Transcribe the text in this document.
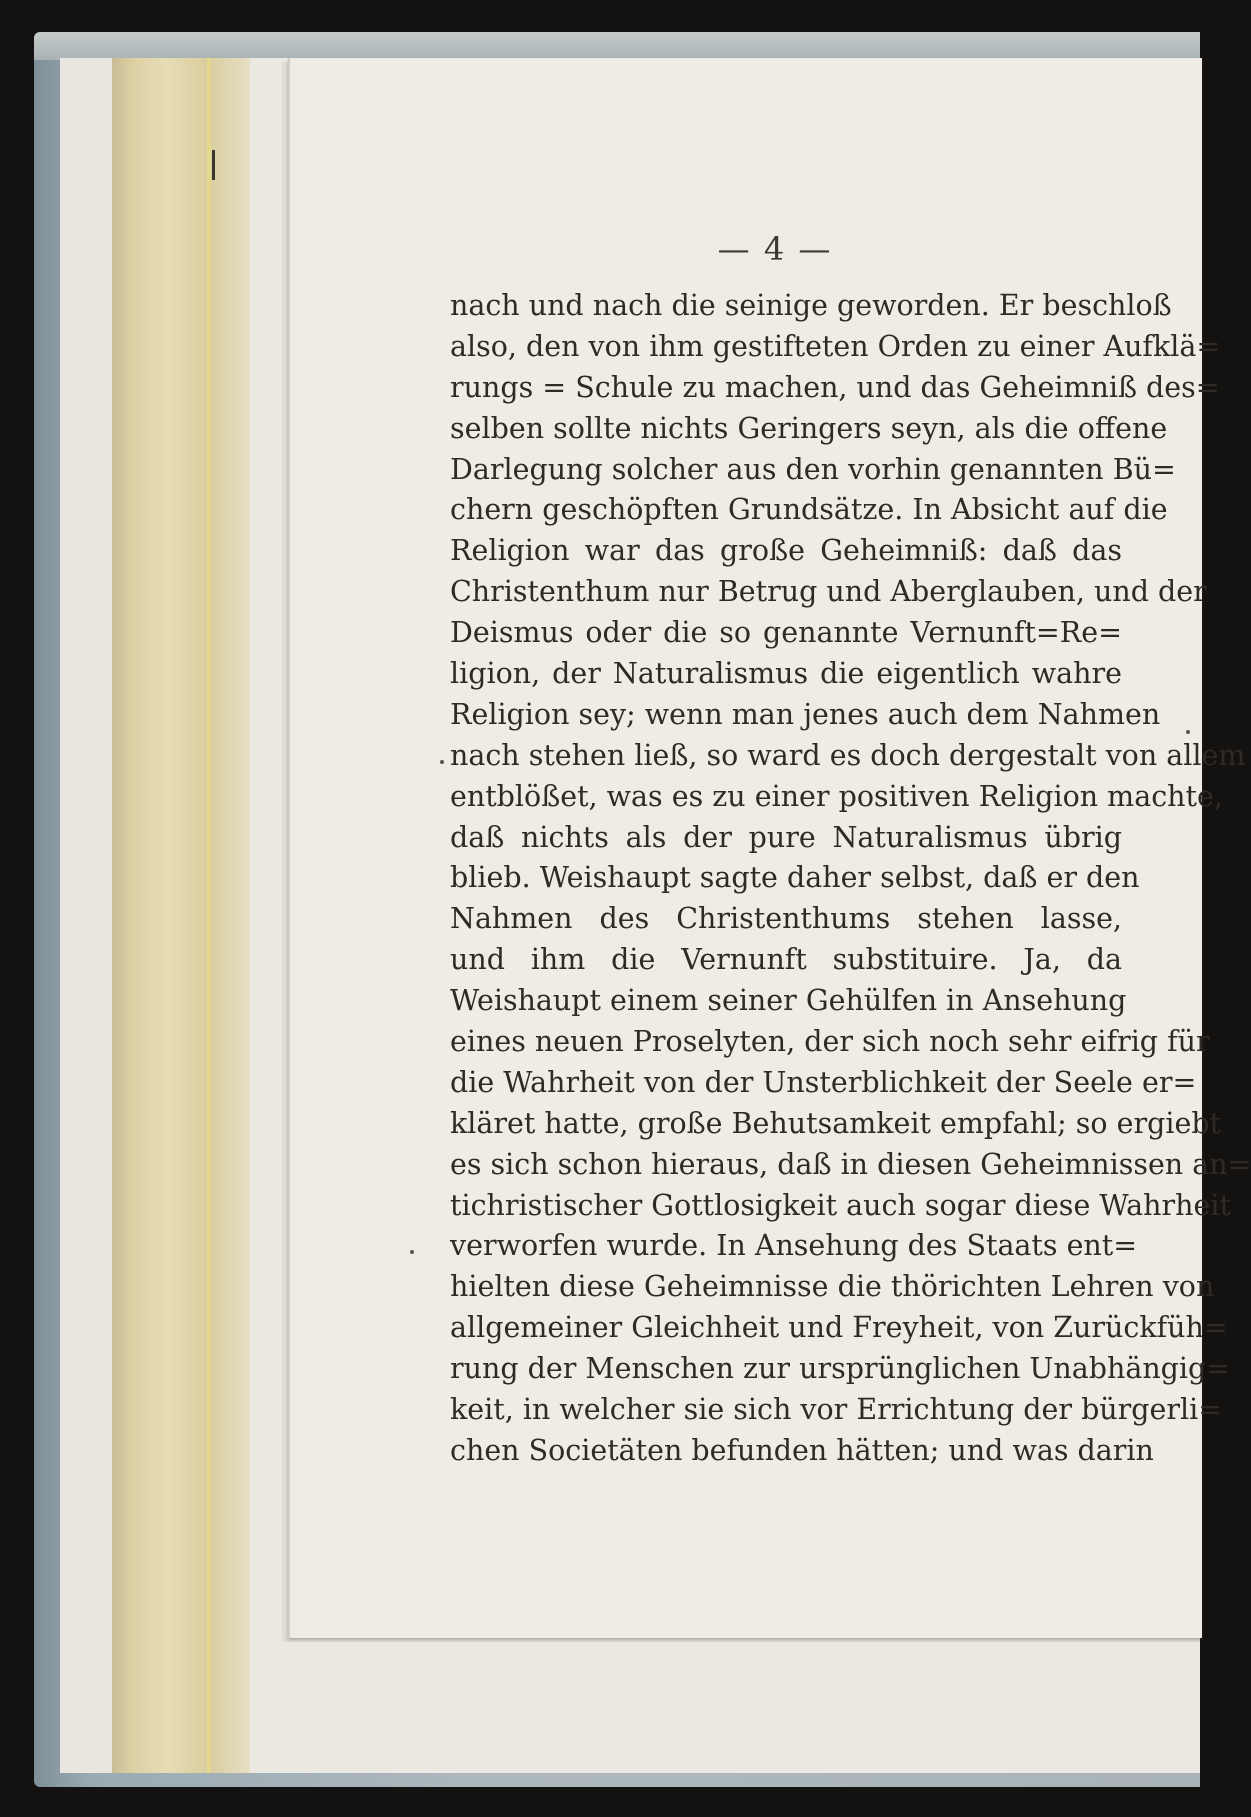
— 4 —
nach und nach die seinige geworden. Er beschloß
also, den von ihm gestifteten Orden zu einer Aufklä=
rungs = Schule zu machen, und das Geheimniß des=
selben sollte nichts Geringers seyn, als die offene
Darlegung solcher aus den vorhin genannten Bü=
chern geschöpften Grundsätze. In Absicht auf die
Religion war das große Geheimniß: daß das
Christenthum nur Betrug und Aberglauben, und der
Deismus oder die so genannte Vernunft=Re=
ligion, der Naturalismus die eigentlich wahre
Religion sey; wenn man jenes auch dem Nahmen
nach stehen ließ, so ward es doch dergestalt von allem
entblößet, was es zu einer positiven Religion machte,
daß nichts als der pure Naturalismus übrig
blieb. Weishaupt sagte daher selbst, daß er den
Nahmen des Christenthums stehen lasse,
und ihm die Vernunft substituire. Ja, da
Weishaupt einem seiner Gehülfen in Ansehung
eines neuen Proselyten, der sich noch sehr eifrig für
die Wahrheit von der Unsterblichkeit der Seele er=
kläret hatte, große Behutsamkeit empfahl; so ergiebt
es sich schon hieraus, daß in diesen Geheimnissen an=
tichristischer Gottlosigkeit auch sogar diese Wahrheit
verworfen wurde. In Ansehung des Staats ent=
hielten diese Geheimnisse die thörichten Lehren von
allgemeiner Gleichheit und Freyheit, von Zurückfüh=
rung der Menschen zur ursprünglichen Unabhängig=
keit, in welcher sie sich vor Errichtung der bürgerli=
chen Societäten befunden hätten; und was darin
